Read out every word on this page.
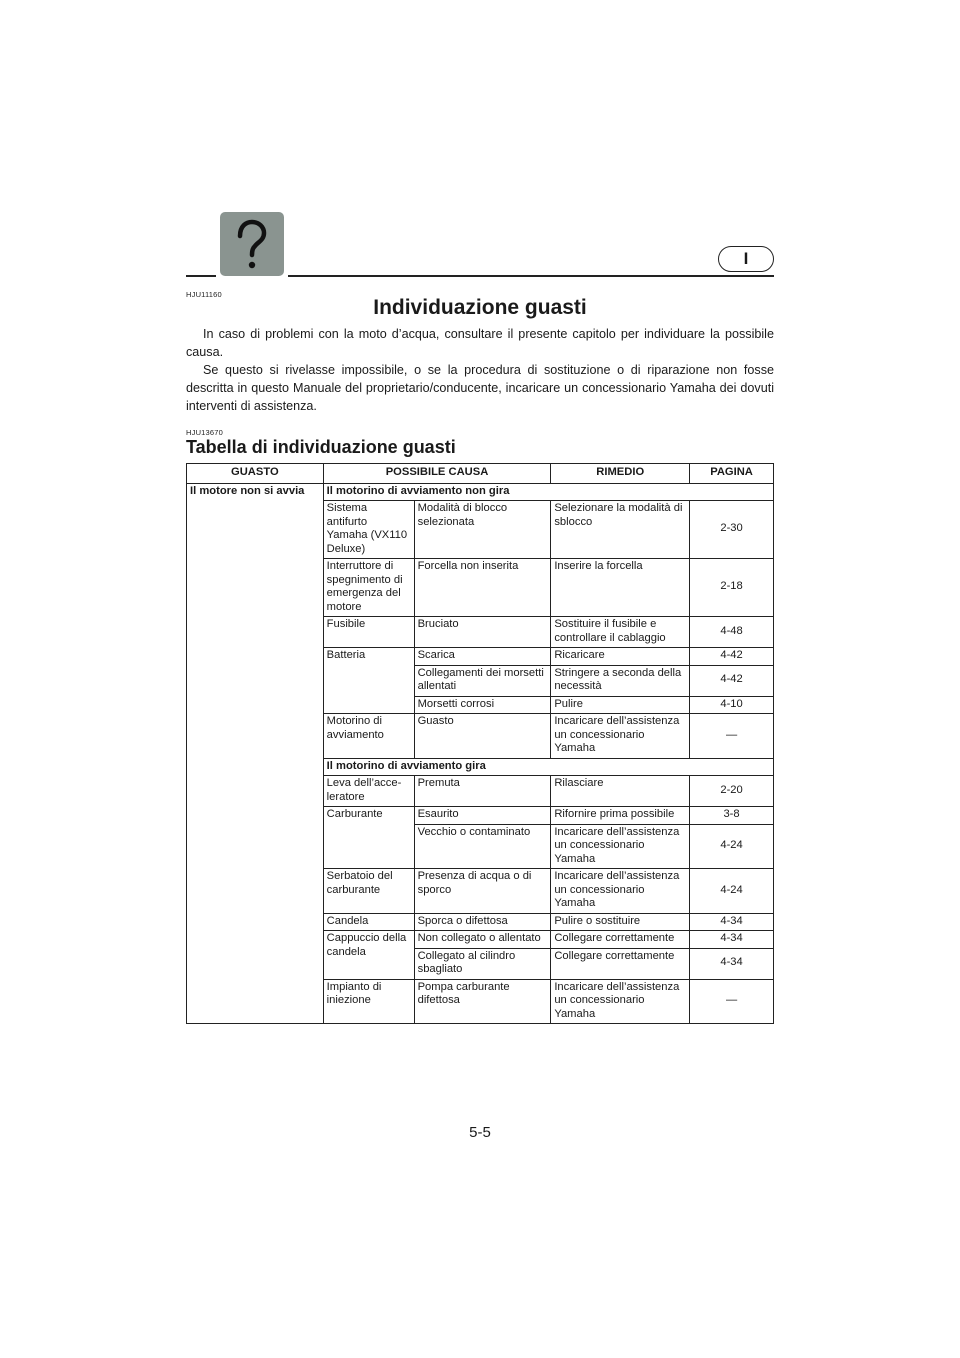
I
HJU11160
Individuazione guasti

In caso di problemi con la moto d’acqua, consultare il presente capitolo per individuare la possibile causa.

Se questo si rivelasse impossibile, o se la procedura di sostituzione o di riparazione non fosse descritta in questo Manuale del proprietario/conducente, incaricare un concessionario Yamaha dei dovuti interventi di assistenza.

HJU13670
Tabella di individuazione guasti
GUASTO	POSSIBILE CAUSA		RIMEDIO	PAGINA
Il motore non si avvia	Il motorino di avviamento non gira			
	Sistema antifurto Yamaha (VX110 Deluxe)	Modalità di blocco selezionata	Selezionare la modalità di sblocco	2-30
	Interruttore di spegnimento di emergenza del motore	Forcella non inserita	Inserire la forcella	2-18
	Fusibile	Bruciato	Sostituire il fusibile e controllare il cablaggio	4-48
	Batteria	Scarica	Ricaricare	4-42
		Collegamenti dei morsetti allentati	Stringere a seconda della necessità	4-42
		Morsetti corrosi	Pulire	4-10
	Motorino di avviamento	Guasto	Incaricare dell’assistenza un concessionario Yamaha	—
	Il motorino di avviamento gira			
	Leva dell’acce-leratore	Premuta	Rilasciare	2-20
	Carburante	Esaurito	Rifornire prima possibile	3-8
		Vecchio o contaminato	Incaricare dell’assistenza un concessionario Yamaha	4-24
	Serbatoio del carburante	Presenza di acqua o di sporco	Incaricare dell’assistenza un concessionario Yamaha	4-24
	Candela	Sporca o difettosa	Pulire o sostituire	4-34
	Cappuccio della candela	Non collegato o allentato	Collegare correttamente	4-34
		Collegato al cilindro sbagliato	Collegare correttamente	4-34
	Impianto di iniezione	Pompa carburante difettosa	Incaricare dell’assistenza un concessionario Yamaha	—
5-5
